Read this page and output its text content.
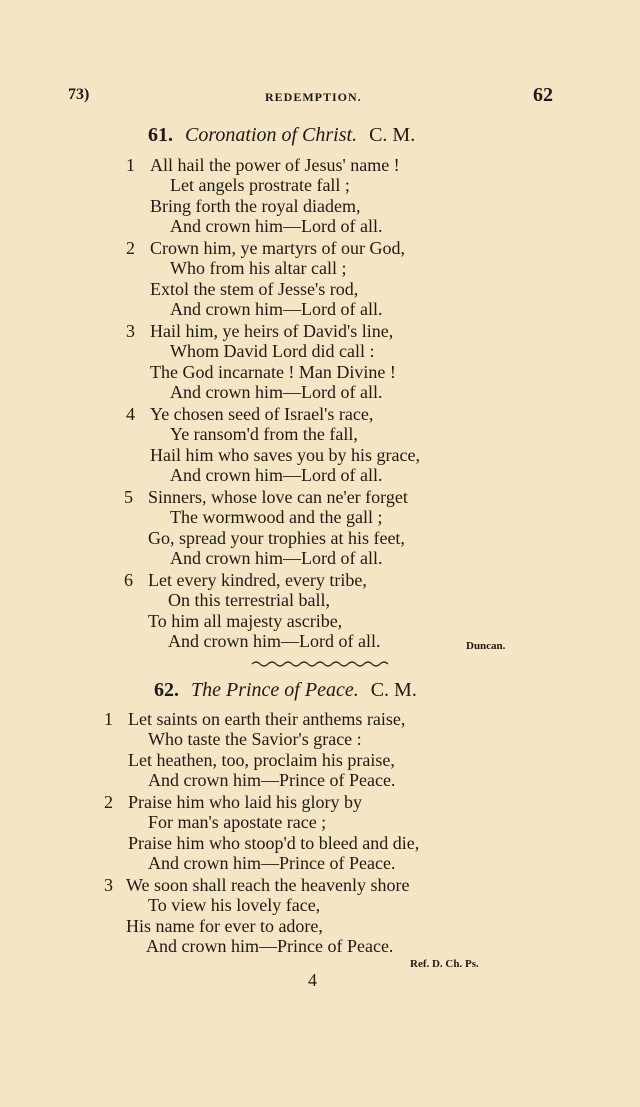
73)	REDEMPTION.	62
61. Coronation of Christ. C. M.
1 All hail the power of Jesus' name !
Let angels prostrate fall ;
Bring forth the royal diadem,
And crown him—Lord of all.
2 Crown him, ye martyrs of our God,
Who from his altar call ;
Extol the stem of Jesse's rod,
And crown him—Lord of all.
3 Hail him, ye heirs of David's line,
Whom David Lord did call :
The God incarnate ! Man Divine !
And crown him—Lord of all.
4 Ye chosen seed of Israel's race,
Ye ransom'd from the fall,
Hail him who saves you by his grace,
And crown him—Lord of all.
5 Sinners, whose love can ne'er forget
The wormwood and the gall ;
Go, spread your trophies at his feet,
And crown him—Lord of all.
6 Let every kindred, every tribe,
On this terrestrial ball,
To him all majesty ascribe,
And crown him—Lord of all.	Duncan.
62. The Prince of Peace. C. M.
1 Let saints on earth their anthems raise,
Who taste the Savior's grace :
Let heathen, too, proclaim his praise,
And crown him—Prince of Peace.
2 Praise him who laid his glory by
For man's apostate race ;
Praise him who stoop'd to bleed and die,
And crown him—Prince of Peace.
3 We soon shall reach the heavenly shore
To view his lovely face,
His name for ever to adore,
And crown him—Prince of Peace.
Ref. D. Ch. Ps.
4
